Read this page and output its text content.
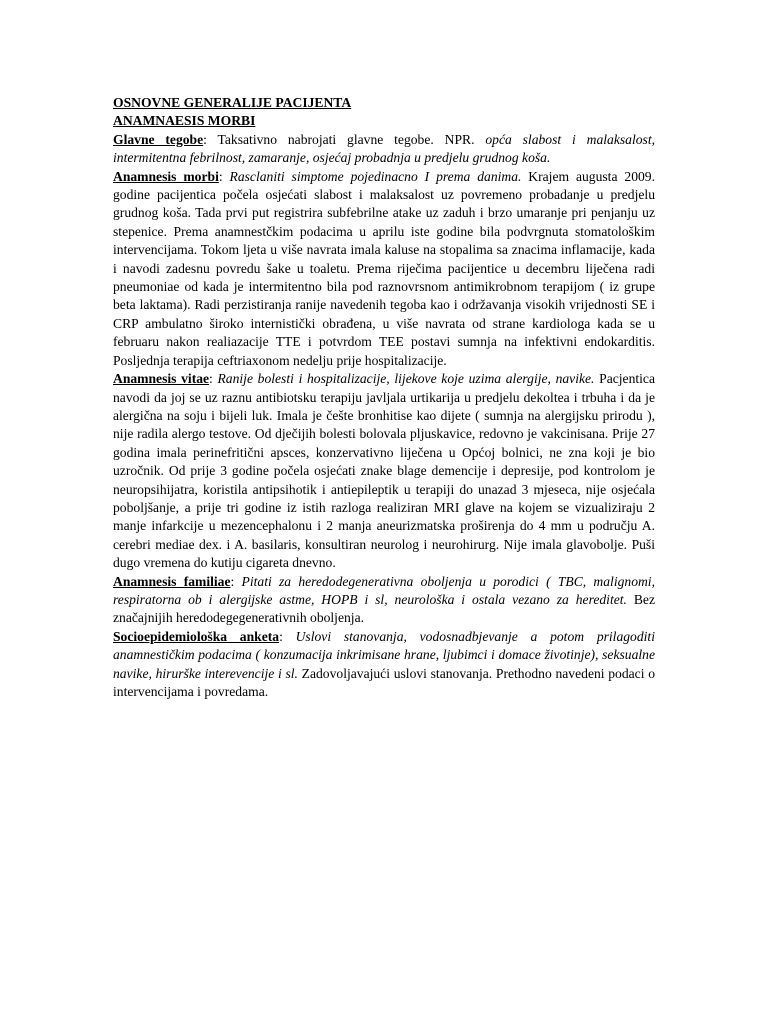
OSNOVNE GENERALIJE PACIJENTA

ANAMNAESIS MORBI

Glavne tegobe: Taksativno nabrojati glavne tegobe. NPR. opća slabost i malaksalost, intermitentna febrilnost, zamaranje, osjećaj probadnja u predjelu grudnog koša.

Anamnesis morbi: Rasclaniti simptome pojedinacno I prema danima. Krajem augusta 2009. godine pacijentica počela osjećati slabost i malaksalost uz povremeno probadanje u predjelu grudnog koša. Tada prvi put registrira subfebrilne atake uz zaduh i brzo umaranje pri penjanju uz stepenice. Prema anamnestčkim podacima u aprilu iste godine bila podvrgnuta stomatološkim intervencijama. Tokom ljeta u više navrata imala kaluse na stopalima sa znacima inflamacije, kada i navodi zadesnu povredu šake u toaletu. Prema riječima pacijentice u decembru liječena radi pneumoniae od kada je intermitentno bila pod raznovrsnom antimikrobnom terapijom ( iz grupe beta laktama). Radi perzistiranja ranije navedenih tegoba kao i održavanja visokih vrijednosti SE i CRP ambulatno široko internistički obrađena, u više navrata od strane kardiologa kada se u februaru nakon realiazacije TTE i potvrdom TEE postavi sumnja na infektivni endokarditis. Posljednja terapija ceftriaxonom nedelju prije hospitalizacije.

Anamnesis vitae: Ranije bolesti i hospitalizacije, lijekove koje uzima alergije, navike. Pacjentica navodi da joj se uz raznu antibiotsku terapiju javljala urtikarija u predjelu dekoltea i trbuha i da je alergična na soju i bijeli luk. Imala je češte bronhitise kao dijete ( sumnja na alergijsku prirodu ), nije radila alergo testove. Od dječijih bolesti bolovala pljuskavice, redovno je vakcinisana. Prije 27 godina imala perinefritični apsces, konzervativno liječena u Općoj bolnici, ne zna koji je bio uzročnik. Od prije 3 godine počela osjećati znake blage demencije i depresije, pod kontrolom je neuropsihijatra, koristila antipsihotik i antiepileptik u terapiji do unazad 3 mjeseca, nije osjećala poboljšanje, a prije tri godine iz istih razloga realiziran MRI glave na kojem se vizualiziraju 2 manje infarkcije u mezencephalonu i 2 manja aneurizmatska proširenja do 4 mm u području A. cerebri mediae dex. i A. basilaris, konsultiran neurolog i neurohirurg. Nije imala glavobolje. Puši dugo vremena do kutiju cigareta dnevno.

Anamnesis familiae: Pitati za heredodegenerativna obolјenja u porodici ( TBC, malignomi, respiratorna ob i alergijske astme, HOPB i sl, neurološka i ostala vezano za hereditet. Bez značajnijih heredodegegenerativnih oboljenja.

Socioepidemiološka anketa: Uslovi stanovanja, vodosnadbjevanje a potom prilagoditi anamnestičkim podacima ( konzumacija inkrimisane hrane, ljubimci i domace životinje), seksualne navike, hirurške interevencije i sl. Zadovoljavajući uslovi stanovanja. Prethodno navedeni podaci o intervencijama i povredama.
